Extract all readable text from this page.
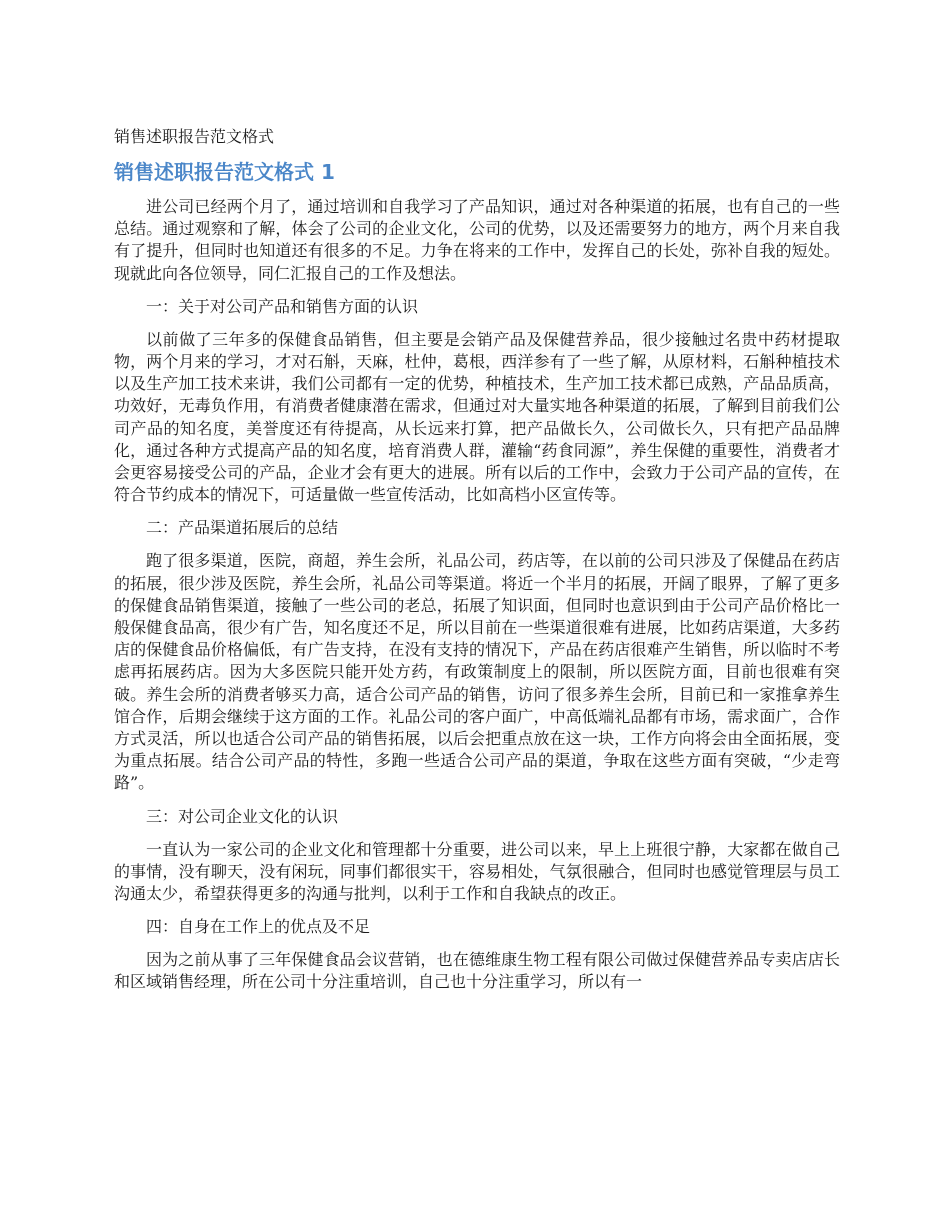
销售述职报告范文格式
销售述职报告范文格式 1

进公司已经两个月了，通过培训和自我学习了产品知识，通过对各种渠道的拓展，也有自己的一些总结。通过观察和了解，体会了公司的企业文化，公司的优势，以及还需要努力的地方，两个月来自我有了提升，但同时也知道还有很多的不足。力争在将来的工作中，发挥自己的长处，弥补自我的短处。现就此向各位领导，同仁汇报自己的工作及想法。

一：关于对公司产品和销售方面的认识

以前做了三年多的保健食品销售，但主要是会销产品及保健营养品，很少接触过名贵中药材提取物，两个月来的学习，才对石斛，天麻，杜仲，葛根，西洋参有了一些了解，从原材料，石斛种植技术以及生产加工技术来讲，我们公司都有一定的优势，种植技术，生产加工技术都已成熟，产品品质高，功效好，无毒负作用，有消费者健康潜在需求，但通过对大量实地各种渠道的拓展，了解到目前我们公司产品的知名度，美誉度还有待提高，从长远来打算，把产品做长久，公司做长久，只有把产品品牌化，通过各种方式提高产品的知名度，培育消费人群，灌输“药食同源”，养生保健的重要性，消费者才会更容易接受公司的产品，企业才会有更大的进展。所有以后的工作中，会致力于公司产品的宣传，在符合节约成本的情况下，可适量做一些宣传活动，比如高档小区宣传等。

二：产品渠道拓展后的总结

跑了很多渠道，医院，商超，养生会所，礼品公司，药店等，在以前的公司只涉及了保健品在药店的拓展，很少涉及医院，养生会所，礼品公司等渠道。将近一个半月的拓展，开阔了眼界，了解了更多的保健食品销售渠道，接触了一些公司的老总，拓展了知识面，但同时也意识到由于公司产品价格比一般保健食品高，很少有广告，知名度还不足，所以目前在一些渠道很难有进展，比如药店渠道，大多药店的保健食品价格偏低，有广告支持，在没有支持的情况下，产品在药店很难产生销售，所以临时不考虑再拓展药店。因为大多医院只能开处方药，有政策制度上的限制，所以医院方面，目前也很难有突破。养生会所的消费者够买力高，适合公司产品的销售，访问了很多养生会所，目前已和一家推拿养生馆合作，后期会继续于这方面的工作。礼品公司的客户面广，中高低端礼品都有市场，需求面广，合作方式灵活，所以也适合公司产品的销售拓展，以后会把重点放在这一块，工作方向将会由全面拓展，变为重点拓展。结合公司产品的特性，多跑一些适合公司产品的渠道，争取在这些方面有突破，“少走弯路”。

三：对公司企业文化的认识

一直认为一家公司的企业文化和管理都十分重要，进公司以来，早上上班很宁静，大家都在做自己的事情，没有聊天，没有闲玩，同事们都很实干，容易相处，气氛很融合，但同时也感觉管理层与员工沟通太少，希望获得更多的沟通与批判，以利于工作和自我缺点的改正。

四：自身在工作上的优点及不足

因为之前从事了三年保健食品会议营销，也在德维康生物工程有限公司做过保健营养品专卖店店长和区域销售经理，所在公司十分注重培训，自己也十分注重学习，所以有一
